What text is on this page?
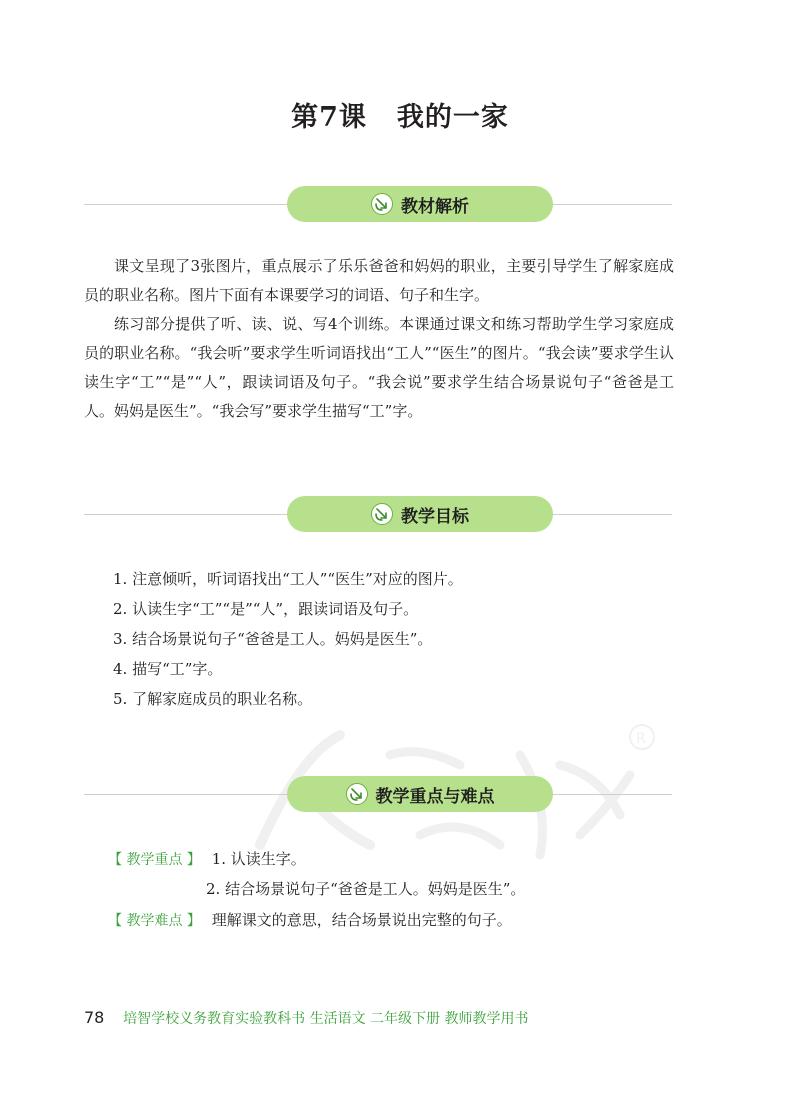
第7课 我的一家
教材解析

课文呈现了3张图片，重点展示了乐乐爸爸和妈妈的职业，主要引导学生了解家庭成员的职业名称。图片下面有本课要学习的词语、句子和生字。

练习部分提供了听、读、说、写4个训练。本课通过课文和练习帮助学生学习家庭成员的职业名称。“我会听”要求学生听词语找出“工人”“医生”的图片。“我会读”要求学生认读生字“工”“是”“人”，跟读词语及句子。“我会说”要求学生结合场景说句子“爸爸是工人。妈妈是医生”。“我会写”要求学生描写“工”字。

教学目标
1. 注意倾听，听词语找出“工人”“医生”对应的图片。
2. 认读生字“工”“是”“人”，跟读词语及句子。
3. 结合场景说句子“爸爸是工人。妈妈是医生”。
4. 描写“工”字。
5. 了解家庭成员的职业名称。
R
教学重点与难点
【 教学重点 】 1. 认读生字。
2. 结合场景说句子“爸爸是工人。妈妈是医生”。
【 教学难点 】 理解课文的意思，结合场景说出完整的句子。
78 培智学校义务教育实验教科书 生活语文 二年级下册 教师教学用书
